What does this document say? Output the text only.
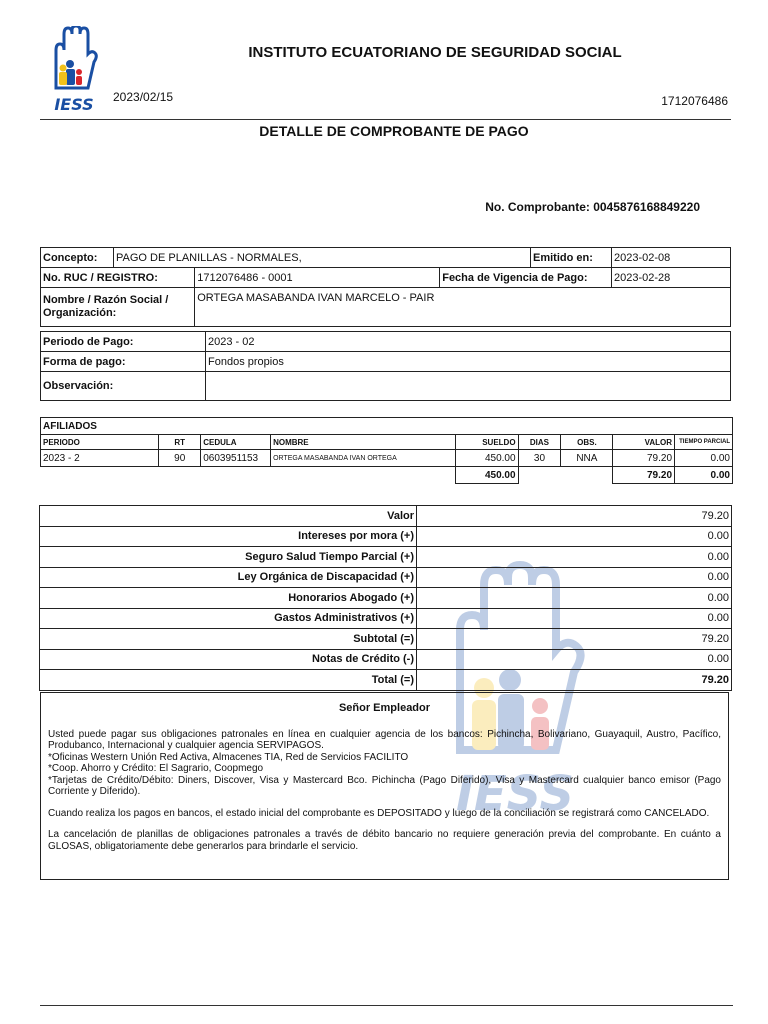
IESS
INSTITUTO ECUATORIANO DE SEGURIDAD SOCIAL
2023/02/15	1712076486
DETALLE DE COMPROBANTE DE PAGO
No. Comprobante: 0045876168849220
Concepto:	PAGO DE PLANILLAS - NORMALES,			Emitido en:	2023-02-08
No. RUC / REGISTRO:		1712076486 - 0001	Fecha de Vigencia de Pago:		2023-02-28
Nombre / Razón Social /
Organización:		ORTEGA MASABANDA IVAN MARCELO - PAIR			
Periodo de Pago:	2023 - 02
Forma de pago:	Fondos propios
Observación:	
AFILIADOS								
PERIODO	RT	CEDULA	NOMBRE	SUELDO	DIAS	OBS.	VALOR	TIEMPO PARCIAL
2023 - 2	90	0603951153	ORTEGA MASABANDA IVAN ORTEGA	450.00	30	NNA	79.20	0.00
				450.00			79.20	0.00
IESS
Valor	79.20
Intereses por mora (+)	0.00
Seguro Salud Tiempo Parcial (+)	0.00
Ley Orgánica de Discapacidad (+)	0.00
Honorarios Abogado (+)	0.00
Gastos Administrativos (+)	0.00
Subtotal (=)	79.20
Notas de Crédito (-)	0.00
Total (=)	79.20
Señor Empleador

Usted puede pagar sus obligaciones patronales en línea en cualquier agencia de los bancos: Pichincha, Bolivariano, Guayaquil, Austro, Pacífico, Produbanco, Internacional y cualquier agencia SERVIPAGOS.
*Oficinas Western Unión Red Activa, Almacenes TIA, Red de Servicios FACILITO
*Coop. Ahorro y Crédito: El Sagrario, Coopmego
*Tarjetas de Crédito/Débito: Diners, Discover, Visa y Mastercard Bco. Pichincha (Pago Diferido), Visa y Mastercard cualquier banco emisor (Pago Corriente y Diferido).

Cuando realiza los pagos en bancos, el estado inicial del comprobante es DEPOSITADO y luego de la conciliación se registrará como CANCELADO.

La cancelación de planillas de obligaciones patronales a través de débito bancario no requiere generación previa del comprobante. En cuánto a GLOSAS, obligatoriamente debe generarlos para brindarle el servicio.
